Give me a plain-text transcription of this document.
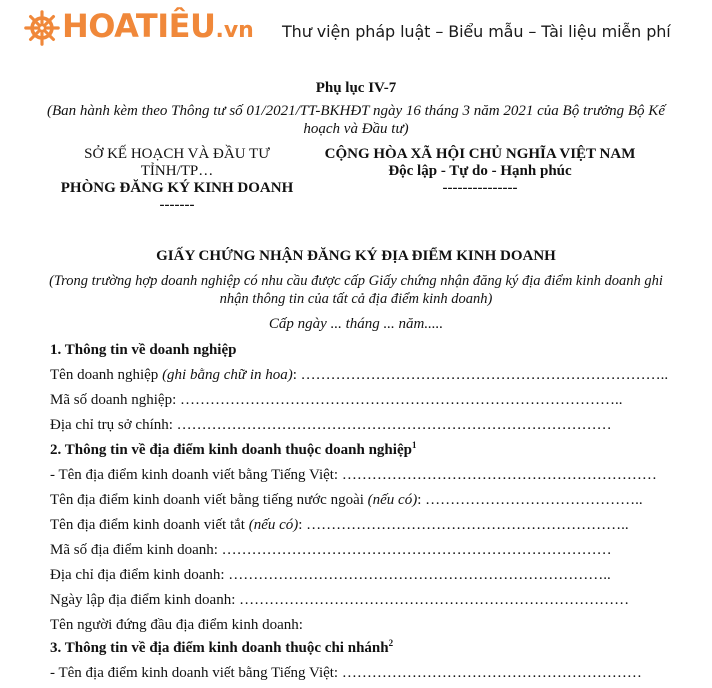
HOATIÊU.vn Thư viện pháp luật – Biểu mẫu – Tài liệu miễn phí
Phụ lục IV-7
(Ban hành kèm theo Thông tư số 01/2021/TT-BKHĐT ngày 16 tháng 3 năm 2021 của Bộ trưởng Bộ Kế
hoạch và Đầu tư)
SỞ KẾ HOẠCH VÀ ĐẦU TƯ
TỈNH/TP…
PHÒNG ĐĂNG KÝ KINH DOANH
-------
CỘNG HÒA XÃ HỘI CHỦ NGHĨA VIỆT NAM
Độc lập - Tự do - Hạnh phúc
---------------
GIẤY CHỨNG NHẬN ĐĂNG KÝ ĐỊA ĐIỂM KINH DOANH
(Trong trường hợp doanh nghiệp có nhu cầu được cấp Giấy chứng nhận đăng ký địa điểm kinh doanh ghi
nhận thông tin của tất cả địa điểm kinh doanh)
Cấp ngày ... tháng ... năm.....
1. Thông tin về doanh nghiệp
Tên doanh nghiệp (ghi bằng chữ in hoa): ………………………………………………………………..
Mã số doanh nghiệp: ……………………………………………………………………………..
Địa chỉ trụ sở chính: ……………………………………………………………………………
2. Thông tin về địa điểm kinh doanh thuộc doanh nghiệp$^1$
- Tên địa điểm kinh doanh viết bằng Tiếng Việt: ………………………………………………………
Tên địa điểm kinh doanh viết bằng tiếng nước ngoài (nếu có): ……………………………………..
Tên địa điểm kinh doanh viết tắt (nếu có): ………………………………………………………..
Mã số địa điểm kinh doanh: ……………………………………………………………………
Địa chỉ địa điểm kinh doanh: …………………………………………………………………..
Ngày lập địa điểm kinh doanh: ……………………………………………………………………
Tên người đứng đầu địa điểm kinh doanh:
3. Thông tin về địa điểm kinh doanh thuộc chi nhánh$^2$
- Tên địa điểm kinh doanh viết bằng Tiếng Việt: ……………………………………………………
